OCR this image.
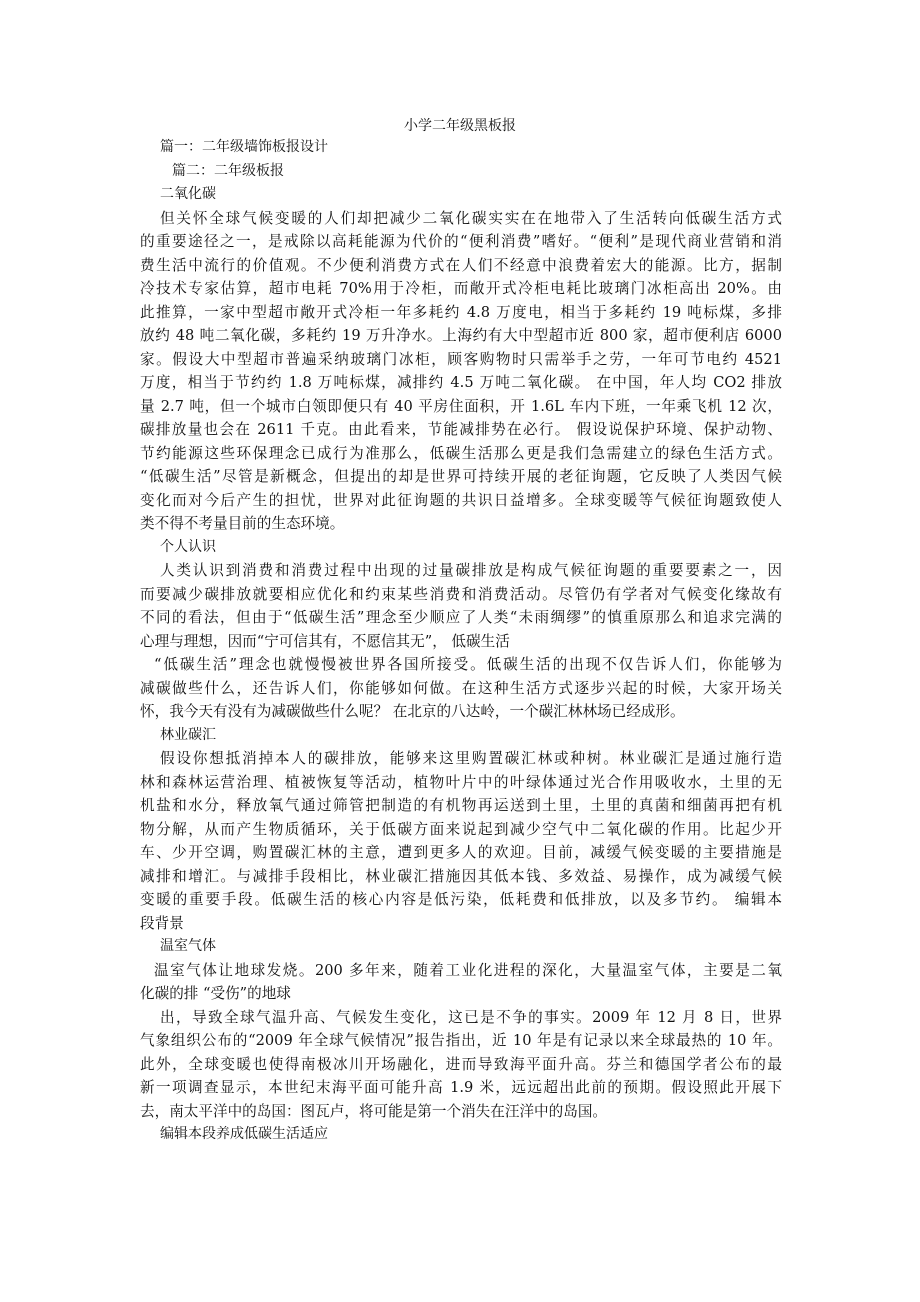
小学二年级黑板报
篇一：二年级墙饰板报设计
篇二：二年级板报
二氧化碳
但关怀全球气候变暖的人们却把减少二氧化碳实实在在地带入了生活转向低碳生活方式
的重要途径之一，是戒除以高耗能源为代价的“便利消费”嗜好。“便利”是现代商业营销和消
费生活中流行的价值观。不少便利消费方式在人们不经意中浪费着宏大的能源。比方，据制
冷技术专家估算，超市电耗 70%用于冷柜，而敞开式冷柜电耗比玻璃门冰柜高出 20%。由
此推算，一家中型超市敞开式冷柜一年多耗约 4.8 万度电，相当于多耗约 19 吨标煤，多排
放约 48 吨二氧化碳，多耗约 19 万升净水。上海约有大中型超市近 800 家，超市便利店 6000
家。假设大中型超市普遍采纳玻璃门冰柜，顾客购物时只需举手之劳，一年可节电约 4521
万度，相当于节约约 1.8 万吨标煤，减排约 4.5 万吨二氧化碳。 在中国，年人均 CO2 排放
量 2.7 吨，但一个城市白领即便只有 40 平房住面积，开 1.6L 车内下班，一年乘飞机 12 次，
碳排放量也会在 2611 千克。由此看来，节能减排势在必行。 假设说保护环境、保护动物、
节约能源这些环保理念已成行为准那么，低碳生活那么更是我们急需建立的绿色生活方式。
“低碳生活”尽管是新概念，但提出的却是世界可持续开展的老征询题，它反映了人类因气候
变化而对今后产生的担忧，世界对此征询题的共识日益增多。全球变暖等气候征询题致使人
类不得不考量目前的生态环境。
个人认识
人类认识到消费和消费过程中出现的过量碳排放是构成气候征询题的重要要素之一，因
而要减少碳排放就要相应优化和约束某些消费和消费活动。尽管仍有学者对气候变化缘故有
不同的看法，但由于“低碳生活”理念至少顺应了人类“未雨绸缪”的慎重原那么和追求完满的
心理与理想，因而“宁可信其有，不愿信其无”， 低碳生活
“低碳生活”理念也就慢慢被世界各国所接受。低碳生活的出现不仅告诉人们，你能够为
减碳做些什么，还告诉人们，你能够如何做。在这种生活方式逐步兴起的时候，大家开场关
怀，我今天有没有为减碳做些什么呢？ 在北京的八达岭，一个碳汇林林场已经成形。
林业碳汇
假设你想抵消掉本人的碳排放，能够来这里购置碳汇林或种树。林业碳汇是通过施行造
林和森林运营治理、植被恢复等活动，植物叶片中的叶绿体通过光合作用吸收水，土里的无
机盐和水分，释放氧气通过筛管把制造的有机物再运送到土里，土里的真菌和细菌再把有机
物分解，从而产生物质循环，关于低碳方面来说起到减少空气中二氧化碳的作用。比起少开
车、少开空调，购置碳汇林的主意，遭到更多人的欢迎。目前，减缓气候变暖的主要措施是
减排和增汇。与减排手段相比，林业碳汇措施因其低本钱、多效益、易操作，成为减缓气候
变暖的重要手段。低碳生活的核心内容是低污染，低耗费和低排放，以及多节约。 编辑本
段背景
温室气体
温室气体让地球发烧。200 多年来，随着工业化进程的深化，大量温室气体，主要是二氧
化碳的排 “受伤”的地球
出，导致全球气温升高、气候发生变化，这已是不争的事实。2009 年 12 月 8 日，世界
气象组织公布的“2009 年全球气候情况”报告指出，近 10 年是有记录以来全球最热的 10 年。
此外，全球变暖也使得南极冰川开场融化，进而导致海平面升高。芬兰和德国学者公布的最
新一项调查显示，本世纪末海平面可能升高 1.9 米，远远超出此前的预期。假设照此开展下
去，南太平洋中的岛国：图瓦卢，将可能是第一个消失在汪洋中的岛国。
编辑本段养成低碳生活适应
